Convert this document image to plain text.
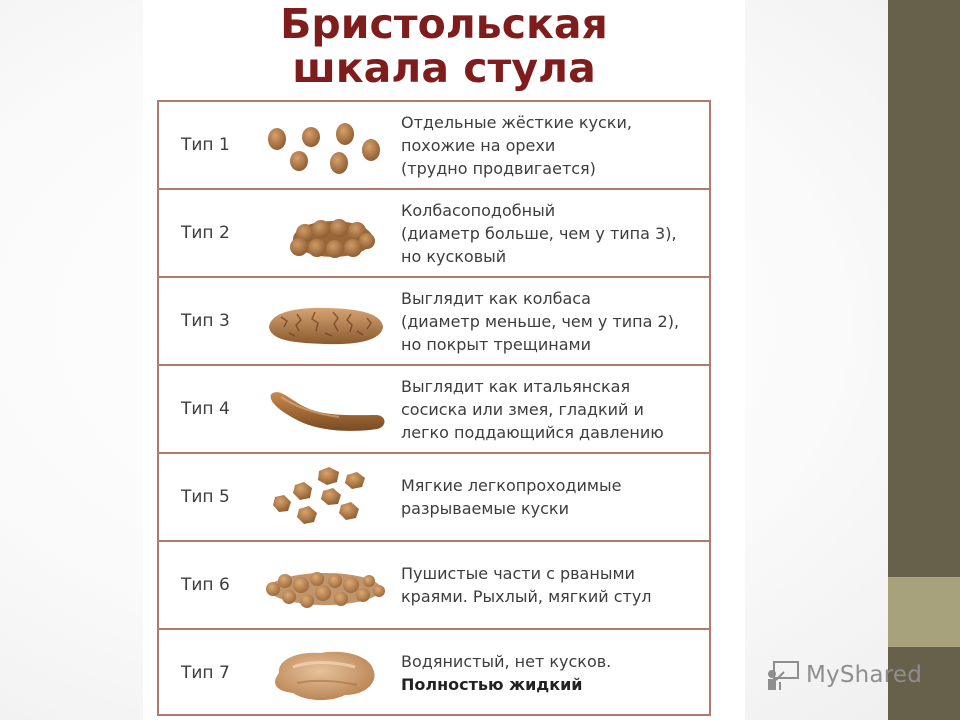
Бристольская
шкала стула
Тип 1
Отдельные жёсткие куски,
похожие на орехи
(трудно продвигается)
Тип 2
Колбасоподобный
(диаметр больше, чем у типа 3),
но кусковый
Тип 3
Выглядит как колбаса
(диаметр меньше, чем у типа 2),
но покрыт трещинами
Тип 4
Выглядит как итальянская
сосиска или змея, гладкий и
легко поддающийся давлению
Тип 5
Мягкие легкопроходимые
разрываемые куски
Тип 6
Пушистые части с рваными
краями. Рыхлый, мягкий стул
Тип 7
Водянистый, нет кусков.
Полностью жидкий	MyShared
